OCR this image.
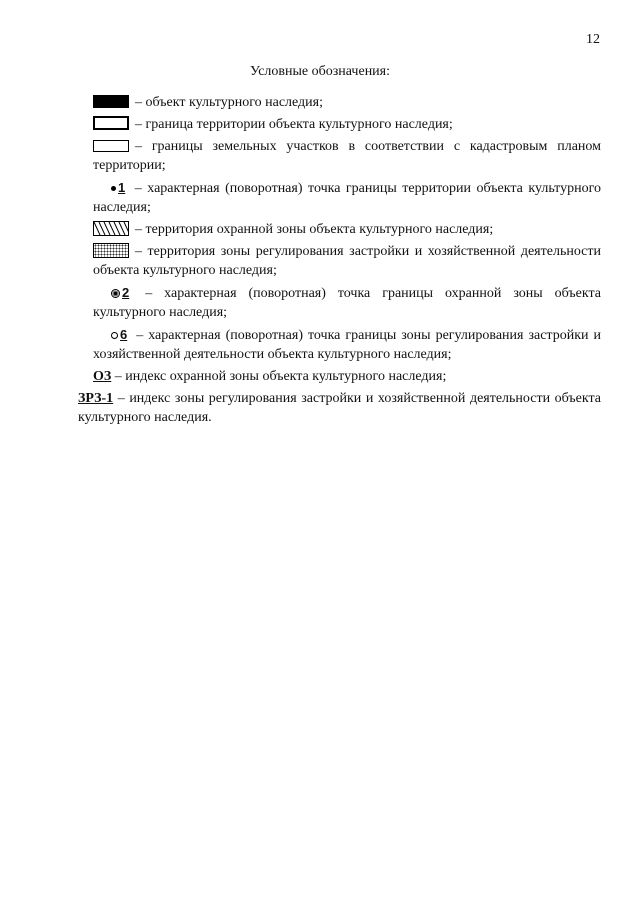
12
Условные обозначения:
– объект культурного наследия;
– граница территории объекта культурного наследия;
– границы земельных участков в соответствии с кадастровым планом территории;
1 – характерная (поворотная) точка границы территории объекта культурного наследия;
– территория охранной зоны объекта культурного наследия;
– территория зоны регулирования застройки и хозяйственной деятельности объекта культурного наследия;
2 – характерная (поворотная) точка границы охранной зоны объекта культурного наследия;
6 – характерная (поворотная) точка границы зоны регулирования застройки и хозяйственной деятельности объекта культурного наследия;
ОЗ – индекс охранной зоны объекта культурного наследия;
ЗРЗ-1 – индекс зоны регулирования застройки и хозяйственной деятельности объекта культурного наследия.
